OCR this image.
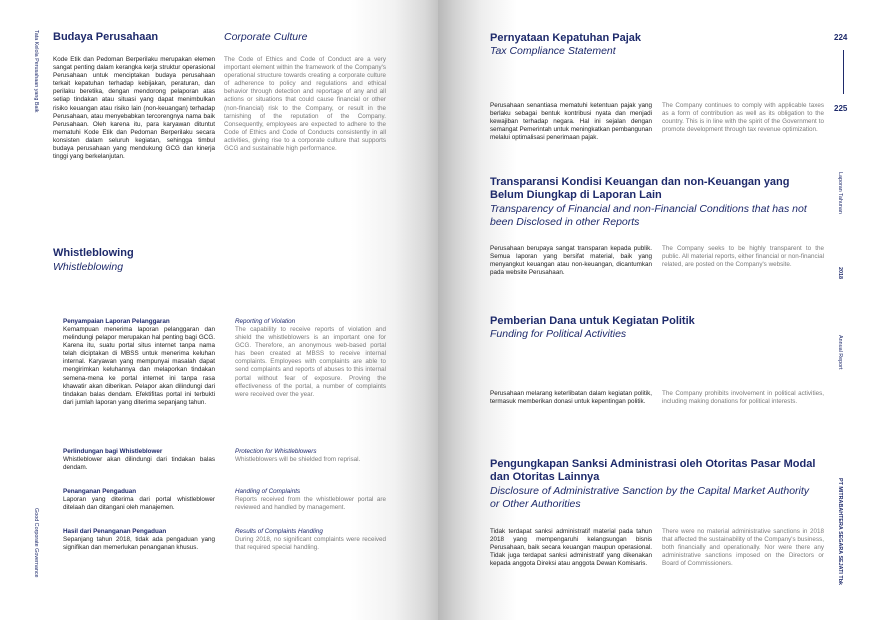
Tata Kelola Perusahaan yang Baik
Good Corporate Governance
Budaya Perusahaan	Corporate Culture
Kode Etik dan Pedoman Berperilaku merupakan elemen sangat penting dalam kerangka kerja struktur operasional Perusahaan untuk menciptakan budaya perusahaan terkait kepatuhan terhadap kebijakan, peraturan, dan perilaku beretika, dengan mendorong pelaporan atas setiap tindakan atau situasi yang dapat menimbulkan risiko keuangan atau risiko lain (non-keuangan) terhadap Perusahaan, atau menyebabkan tercorengnya nama baik Perusahaan. Oleh karena itu, para karyawan dituntut mematuhi Kode Etik dan Pedoman Berperilaku secara konsisten dalam seluruh kegiatan, sehingga timbul budaya perusahaan yang mendukung GCG dan kinerja tinggi yang berkelanjutan.
The Code of Ethics and Code of Conduct are a very important element within the framework of the Company's operational structure towards creating a corporate culture of adherence to policy and regulations and ethical behavior through detection and reportage of any and all actions or situations that could cause financial or other (non-financial) risk to the Company, or result in the tarnishing of the reputation of the Company. Consequently, employees are expected to adhere to the Code of Ethics and Code of Conducts consistently in all activities, giving rise to a corporate culture that supports GCG and sustainable high performance.
Whistleblowing
Whistleblowing
Penyampaian Laporan Pelanggaran
Kemampuan menerima laporan pelanggaran dan melindungi pelapor merupakan hal penting bagi GCG. Karena itu, suatu portal situs internet tanpa nama telah diciptakan di MBSS untuk menerima keluhan internal. Karyawan yang mempunyai masalah dapat mengirimkan keluhannya dan melaporkan tindakan semena-mena ke portal internet ini tanpa rasa khawatir akan diberikan. Pelapor akan dilindungi dari tindakan balas dendam. Efektifitas portal ini terbukti dari jumlah laporan yang diterima sepanjang tahun.
Reporting of Violation
The capability to receive reports of violation and shield the whistleblowers is an important one for GCG. Therefore, an anonymous web-based portal has been created at MBSS to receive internal complaints. Employees with complaints are able to send complaints and reports of abuses to this internal portal without fear of exposure. Proving the effectiveness of the portal, a number of complaints were received over the year.
Perlindungan bagi Whistleblower
Whistleblower akan dilindungi dari tindakan balas dendam.
Protection for Whistleblowers
Whistleblowers will be shielded from reprisal.
Penanganan Pengaduan
Laporan yang diterima dari portal whistleblower ditelaah dan ditangani oleh manajemen.
Handling of Complaints
Reports received from the whistleblower portal are reviewed and handled by management.
Hasil dari Penanganan Pengaduan
Sepanjang tahun 2018, tidak ada pengaduan yang signifikan dan memerlukan penanganan khusus.
Results of Complaints Handling
During 2018, no significant complaints were received that required special handling.
224
225
Laporan Tahunan
2018
Annual Report
PT MITRABAHTERA SEGARA SEJATI Tbk
Pernyataan Kepatuhan Pajak
Tax Compliance Statement
Perusahaan senantiasa mematuhi ketentuan pajak yang berlaku sebagai bentuk kontribusi nyata dan menjadi kewajiban terhadap negara. Hal ini sejalan dengan semangat Pemerintah untuk meningkatkan pembangunan melalui optimalisasi penerimaan pajak.
The Company continues to comply with applicable taxes as a form of contribution as well as its obligation to the country. This is in line with the spirit of the Government to promote development through tax revenue optimization.
Transparansi Kondisi Keuangan dan non-Keuangan yang Belum Diungkap di Laporan Lain
Transparency of Financial and non-Financial Conditions that has not been Disclosed in other Reports
Perusahaan berupaya sangat transparan kepada publik. Semua laporan yang bersifat material, baik yang menyangkut keuangan atau non-keuangan, dicantumkan pada website Perusahaan.
The Company seeks to be highly transparent to the public. All material reports, either financial or non-financial related, are posted on the Company's website.
Pemberian Dana untuk Kegiatan Politik
Funding for Political Activities
Perusahaan melarang keterlibatan dalam kegiatan politik, termasuk memberikan donasi untuk kepentingan politik.
The Company prohibits involvement in political activities, including making donations for political interests.
Pengungkapan Sanksi Administrasi oleh Otoritas Pasar Modal dan Otoritas Lainnya
Disclosure of Administrative Sanction by the Capital Market Authority or Other Authorities
Tidak terdapat sanksi administratif material pada tahun 2018 yang mempengaruhi kelangsungan bisnis Perusahaan, baik secara keuangan maupun operasional. Tidak juga terdapat sanksi administratif yang dikenakan kepada anggota Direksi atau anggota Dewan Komisaris.
There were no material administrative sanctions in 2018 that affected the sustainability of the Company's business, both financially and operationally. Nor were there any administrative sanctions imposed on the Directors or Board of Commissioners.
